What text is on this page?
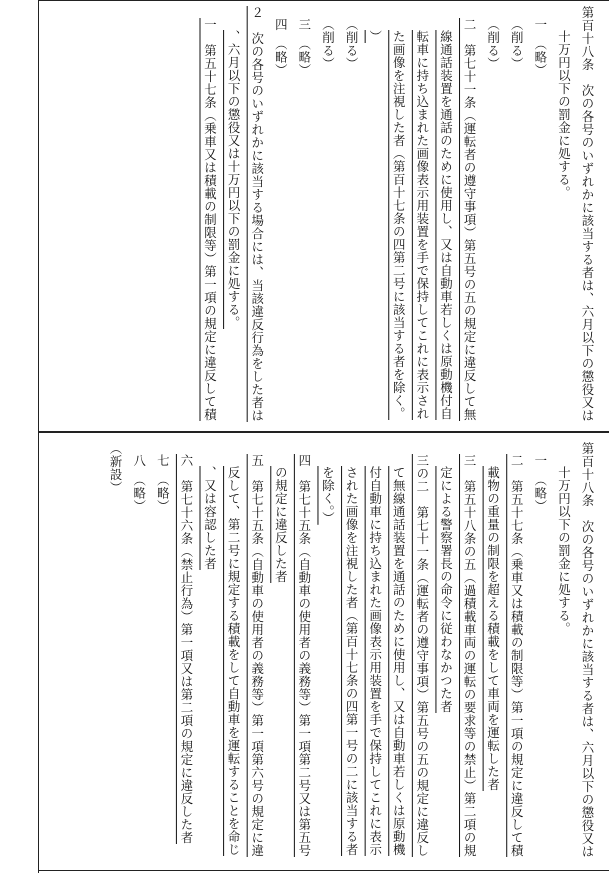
第百十八条　次の各号のいずれかに該当する者は、六月以下の懲役又は
十万円以下の罰金に処する。
一　（略）
（削る）
（削る）
二　第七十一条（運転者の遵守事項）第五号の五の規定に違反して無
線通話装置を通話のために使用し、又は自動車若しくは原動機付自
転車に持ち込まれた画像表示用装置を手で保持してこれに表示され
た画像を注視した者（第百十七条の四第二号に該当する者を除く。
）
（削る）
（削る）
三　（略）
四　（略）
２　次の各号のいずれかに該当する場合には、当該違反行為をした者は
、六月以下の懲役又は十万円以下の罰金に処する。
一　第五十七条（乗車又は積載の制限等）第一項の規定に違反して積
第百十八条　次の各号のいずれかに該当する者は、六月以下の懲役又は
十万円以下の罰金に処する。
一　（略）
二　第五十七条（乗車又は積載の制限等）第一項の規定に違反して積
載物の重量の制限を超える積載をして車両を運転した者
三　第五十八条の五（過積載車両の運転の要求等の禁止）第二項の規
定による警察署長の命令に従わなかつた者
三の二　第七十一条（運転者の遵守事項）第五号の五の規定に違反し
て無線通話装置を通話のために使用し、又は自動車若しくは原動機
付自動車に持ち込まれた画像表示用装置を手で保持してこれに表示
された画像を注視した者（第百十七条の四第一号の二に該当する者
を除く。）
四　第七十五条（自動車の使用者の義務等）第一項第二号又は第五号
の規定に違反した者
五　第七十五条（自動車の使用者の義務等）第一項第六号の規定に違
反して、第二号に規定する積載をして自動車を運転することを命じ
、又は容認した者
六　第七十六条（禁止行為）第一項又は第二項の規定に違反した者
七　（略）
八　（略）
（新設）
